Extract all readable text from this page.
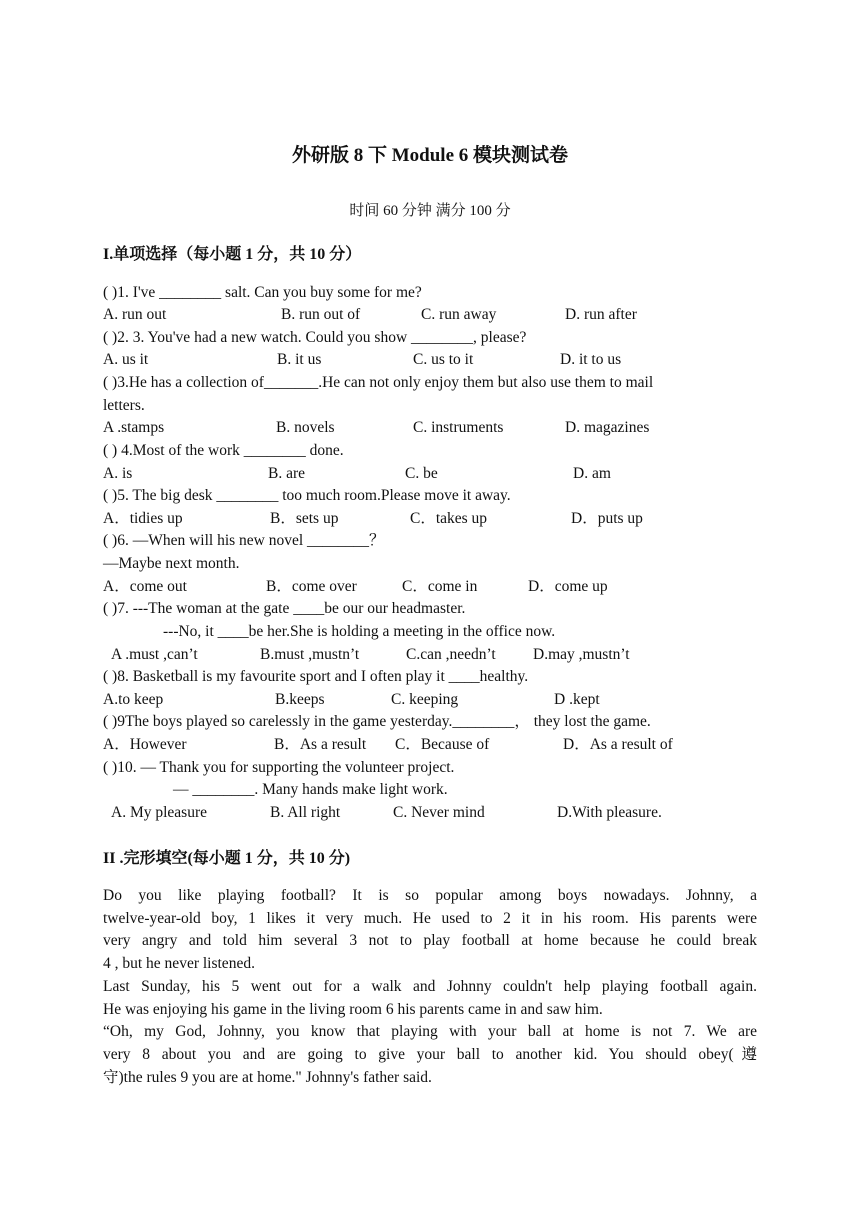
外研版 8 下 Module 6 模块测试卷
时间 60 分钟 满分 100 分
I.单项选择（每小题 1 分，共 10 分）
( )1. I've ________ salt. Can you buy some for me?
A. run out	B. run out of	C. run away	D. run after
( )2. 3. You've had a new watch. Could you show ________, please?
A. us it	B. it us	C. us to it	D. it to us
( )3.He has a collection of_______.He can not only enjoy them but also use them to mail
letters.
A .stamps	B. novels	C. instruments	D. magazines
( ) 4.Most of the work ________ done.
A. is	B. are	C. be	D. am
( )5. The big desk ________ too much room.Please move it away.
A．tidies up	B．sets up	C．takes up	D．puts up
( )6. —When will his new novel ________？
—Maybe next month.
A．come out	B．come over	C．come in	D．come up
( )7. ---The woman at the gate ____be our our headmaster.
---No, it ____be her.She is holding a meeting in the office now.
A .must ,can’t	B.must ,mustn’t	C.can ,needn’t D.may ,mustn’t
( )8. Basketball is my favourite sport and I often play it ____healthy.
A.to keep	B.keeps	C. keeping	D .kept
( )9The boys played so carelessly in the game yesterday.________， they lost the game.
A．However	B．As a result C．Because of	D．As a result of
( )10. — Thank you for supporting the volunteer project.
— ________. Many hands make light work.
A. My pleasure	B. All right	C. Never mind	D.With pleasure.
II .完形填空(每小题 1 分，共 10 分)
Do you like playing football? It is so popular among boys nowadays. Johnny, a
twelve-year-old boy, 1 likes it very much. He used to 2 it in his room. His parents were
very angry and told him several 3 not to play football at home because he could break
4 , but he never listened.
Last Sunday, his 5 went out for a walk and Johnny couldn't help playing football again.
He was enjoying his game in the living room 6 his parents came in and saw him.
“Oh, my God, Johnny, you know that playing with your ball at home is not 7. We are
very 8 about you and are going to give your ball to another kid. You should obey(遵
守)the rules 9 you are at home." Johnny's father said.
